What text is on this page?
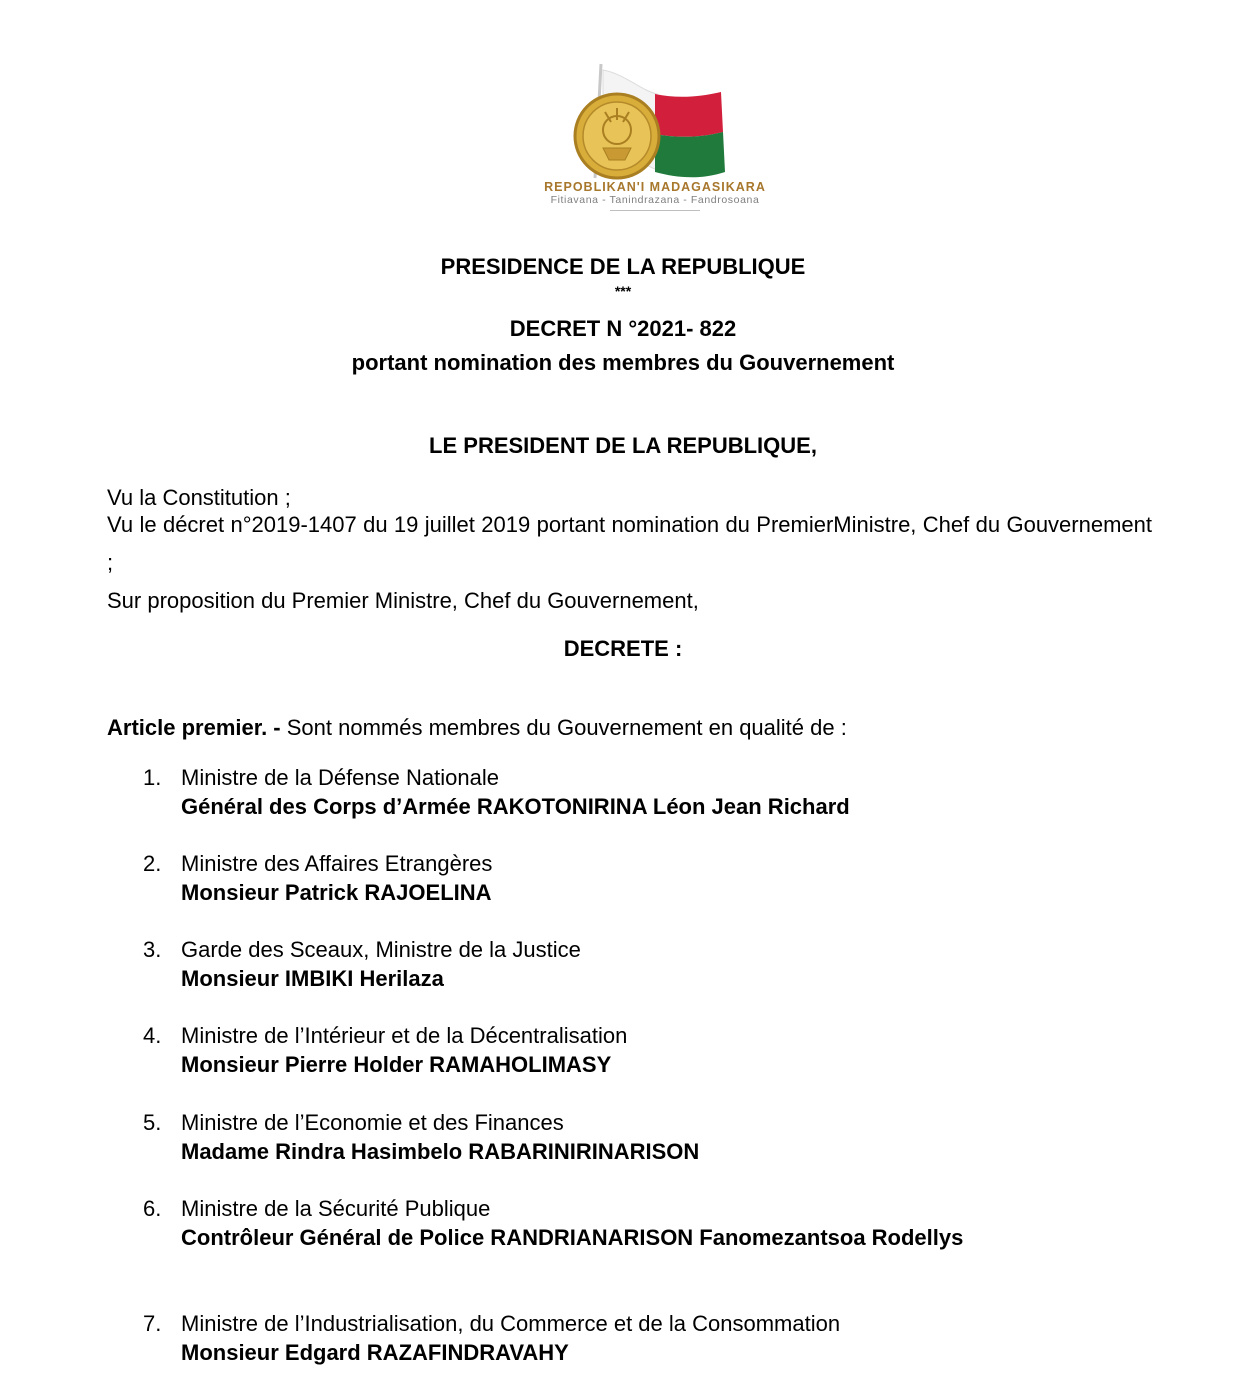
REPOBLIKAN'I MADAGASIKARA
Fitiavana - Tanindrazana - Fandrosoana
PRESIDENCE DE LA REPUBLIQUE
***
DECRET N °2021- 822
portant nomination des membres du Gouvernement
LE PRESIDENT DE LA REPUBLIQUE,
Vu la Constitution ;
Vu le décret n°2019-1407 du 19 juillet 2019 portant nomination du PremierMinistre, Chef du Gouvernement ;
Sur proposition du Premier Ministre, Chef du Gouvernement,
DECRETE :
Article premier. - Sont nommés membres du Gouvernement en qualité de :
1. Ministre de la Défense Nationale
Général des Corps d’Armée RAKOTONIRINA Léon Jean Richard
2. Ministre des Affaires Etrangères
Monsieur Patrick RAJOELINA
3. Garde des Sceaux, Ministre de la Justice
Monsieur IMBIKI Herilaza
4. Ministre de l’Intérieur et de la Décentralisation
Monsieur Pierre Holder RAMAHOLIMASY
5. Ministre de l’Economie et des Finances
Madame Rindra Hasimbelo RABARINIRINARISON
6. Ministre de la Sécurité Publique
Contrôleur Général de Police RANDRIANARISON Fanomezantsoa Rodellys
7. Ministre de l’Industrialisation, du Commerce et de la Consommation
Monsieur Edgard RAZAFINDRAVAHY
